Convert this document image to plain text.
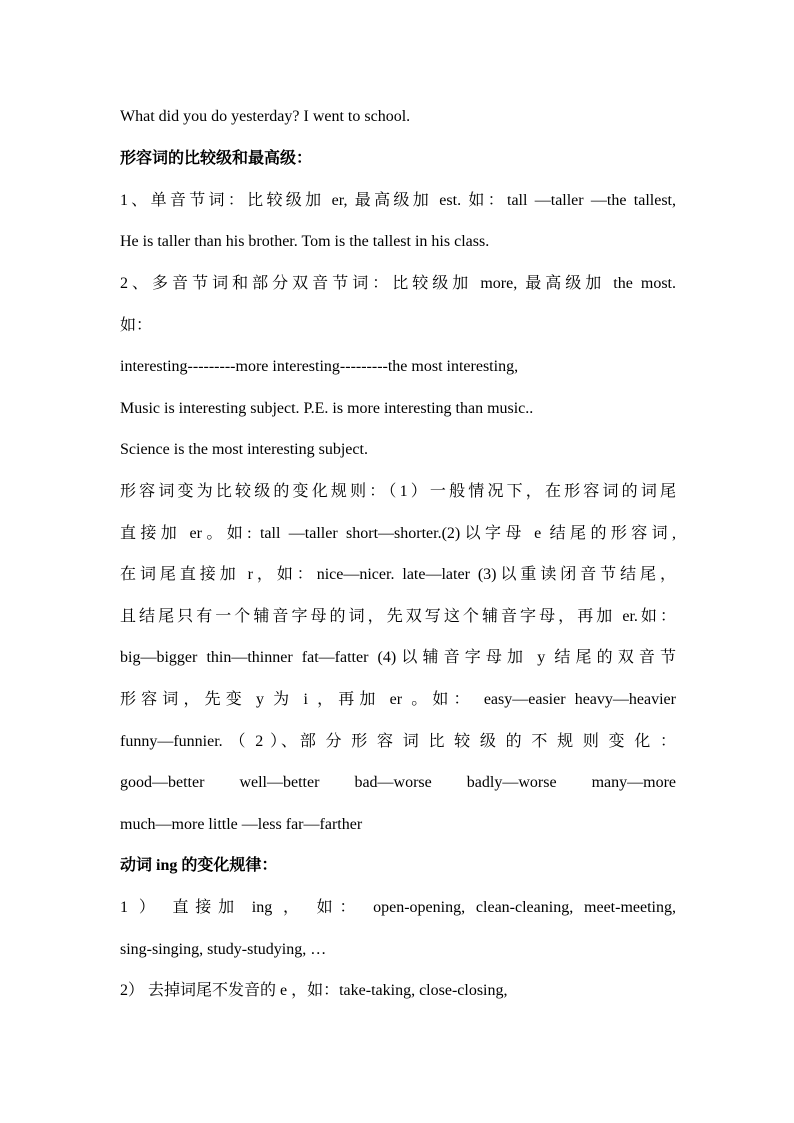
What did you do yesterday? I went to school.
形容词的比较级和最高级：
1、单音节词：比较级加 er, 最高级加 est. 如：tall —taller —the tallest,
He is taller than his brother. Tom is the tallest in his class.
2、多音节词和部分双音节词：比较级加 more, 最高级加 the most.
如：
interesting---------more interesting---------the most interesting,
Music is interesting subject. P.E. is more interesting than music..
Science is the most interesting subject.
形容词变为比较级的变化规则：（1）一般情况下，在形容词的词尾
直接加 er。如: tall —taller short—shorter.(2)以字母 e 结尾的形容词,
在词尾直接加 r，如：nice—nicer. late—later (3)以重读闭音节结尾，
且结尾只有一个辅音字母的词，先双写这个辅音字母，再加 er.如：
big—bigger thin—thinner fat—fatter (4)以辅音字母加 y 结尾的双音节
形容词，先变 y 为 i ，再加 er 。如： easy—easier heavy—heavier
funny—funnier. （ 2 ）、部 分 形 容 词 比 较 级 的 不 规 则 变 化 ：
good—better well—better bad—worse badly—worse many—more
much—more little —less far—farther
动词 ing 的变化规律：
1 ） 直接加 ing ， 如： open-opening, clean-cleaning, meet-meeting,
sing-singing, study-studying, …
2） 去掉词尾不发音的 e ，如：take-taking, close-closing,
